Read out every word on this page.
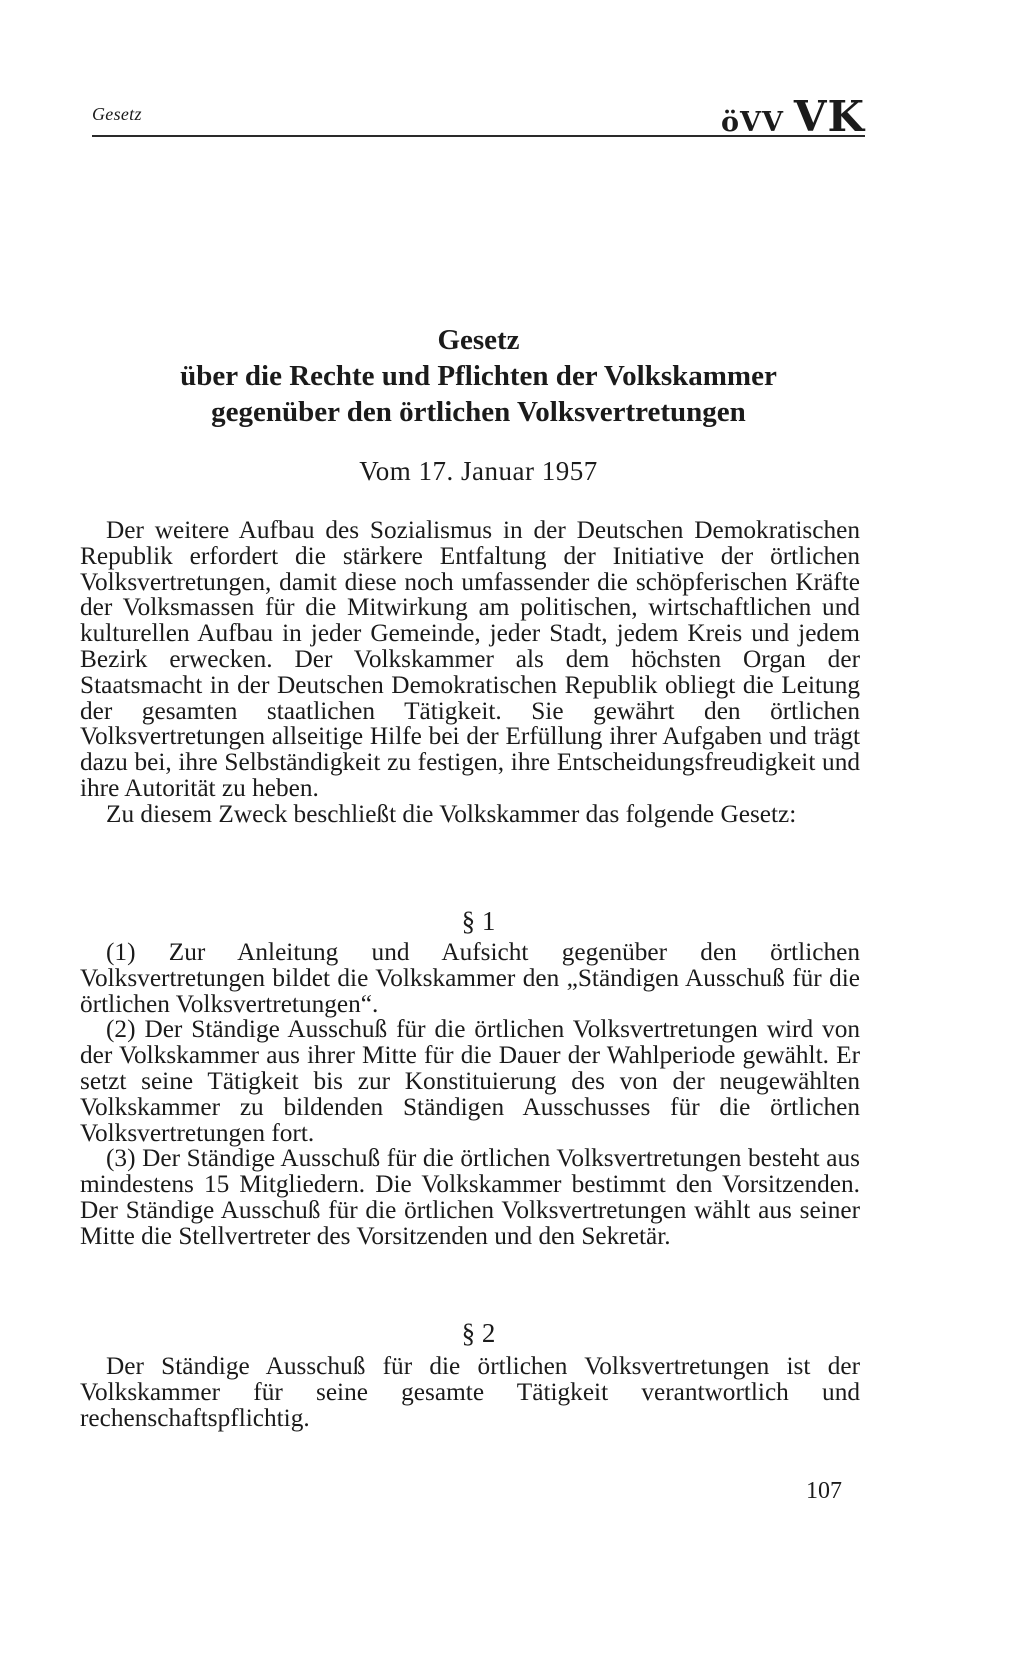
Gesetz	öVV VK
Gesetz
über die Rechte und Pflichten der Volkskammer
gegenüber den örtlichen Volksvertretungen
Vom 17. Januar 1957

Der weitere Aufbau des Sozialismus in der Deutschen Demokratischen Republik erfordert die stärkere Entfaltung der Initiative der örtlichen Volksvertretungen, damit diese noch umfassender die schöpferischen Kräfte der Volksmassen für die Mitwirkung am politischen, wirtschaftlichen und kulturellen Aufbau in jeder Gemeinde, jeder Stadt, jedem Kreis und jedem Bezirk erwecken. Der Volkskammer als dem höchsten Organ der Staatsmacht in der Deutschen Demokratischen Republik obliegt die Leitung der gesamten staatlichen Tätigkeit. Sie gewährt den örtlichen Volksvertretungen allseitige Hilfe bei der Erfüllung ihrer Aufgaben und trägt dazu bei, ihre Selbständigkeit zu festigen, ihre Entscheidungsfreudigkeit und ihre Autorität zu heben.

Zu diesem Zweck beschließt die Volkskammer das folgende Gesetz:

§ 1

(1) Zur Anleitung und Aufsicht gegenüber den örtlichen Volksvertretungen bildet die Volkskammer den „Ständigen Ausschuß für die örtlichen Volksvertretungen“.

(2) Der Ständige Ausschuß für die örtlichen Volksvertretungen wird von der Volkskammer aus ihrer Mitte für die Dauer der Wahlperiode gewählt. Er setzt seine Tätigkeit bis zur Konstituierung des von der neugewählten Volkskammer zu bildenden Ständigen Ausschusses für die örtlichen Volksvertretungen fort.

(3) Der Ständige Ausschuß für die örtlichen Volksvertretungen besteht aus mindestens 15 Mitgliedern. Die Volkskammer bestimmt den Vorsitzenden. Der Ständige Ausschuß für die örtlichen Volksvertretungen wählt aus seiner Mitte die Stellvertreter des Vorsitzenden und den Sekretär.

§ 2

Der Ständige Ausschuß für die örtlichen Volksvertretungen ist der Volkskammer für seine gesamte Tätigkeit verantwortlich und rechenschaftspflichtig.

107
